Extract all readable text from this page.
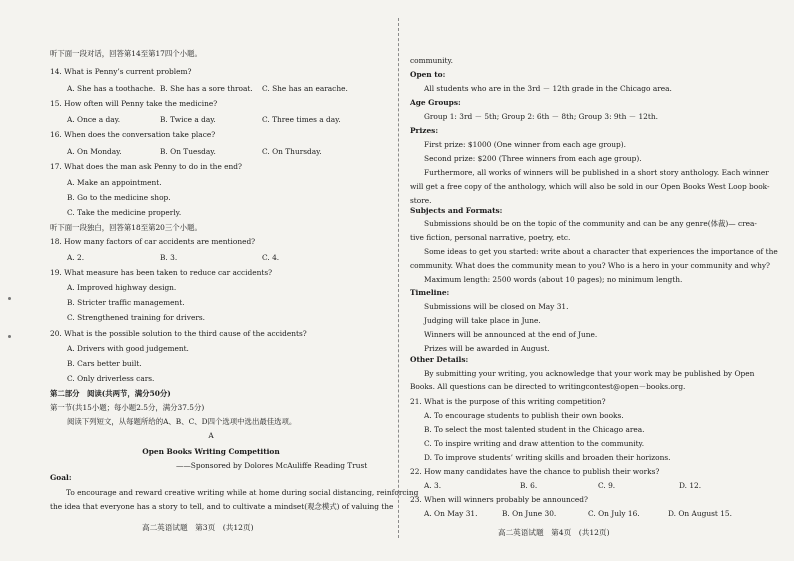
听下面一段对话，回答第14至第17四个小题。
14. What is Penny’s current problem?
A. She has a toothache. B. She has a sore throat. C. She has an earache.
15. How often will Penny take the medicine?
A. Once a day.	B. Twice a day.	C. Three times a day.
16. When does the conversation take place?
A. On Monday.	B. On Tuesday.	C. On Thursday.
17. What does the man ask Penny to do in the end?
A. Make an appointment.
B. Go to the medicine shop.
C. Take the medicine properly.
听下面一段独白，回答第18至第20三个小题。
18. How many factors of car accidents are mentioned?
A. 2.	B. 3.	C. 4.
19. What measure has been taken to reduce car accidents?
A. Improved highway design.
B. Stricter traffic management.
C. Strengthened training for drivers.
20. What is the possible solution to the third cause of the accidents?
A. Drivers with good judgement.
B. Cars better built.
C. Only driverless cars.
第二部分　阅读(共两节，满分50分)
第一节(共15小题；每小题2.5分，满分37.5分)
阅读下列短文，从每题所给的A、B、C、D四个选项中选出最佳选项。
A
Open Books Writing Competition
——Sponsored by Dolores McAuliffe Reading Trust
Goal:
To encourage and reward creative writing while at home during social distancing, reinforcing
the idea that everyone has a story to tell, and to cultivate a mindset(观念模式) of valuing the
高二英语试题　第3页　(共12页)
community.
Open to:
All students who are in the 3rd － 12th grade in the Chicago area.
Age Groups:
Group 1: 3rd － 5th; Group 2: 6th － 8th; Group 3: 9th － 12th.
Prizes:
First prize: $1000 (One winner from each age group).
Second prize: $200 (Three winners from each age group).
Furthermore, all works of winners will be published in a short story anthology. Each winner
will get a free copy of the anthology, which will also be sold in our Open Books West Loop book-
store.
Subjects and Formats:
Submissions should be on the topic of the community and can be any genre(体裁)— crea-
tive fiction, personal narrative, poetry, etc.
Some ideas to get you started: write about a character that experiences the importance of the
community. What does the community mean to you? Who is a hero in your community and why?
Maximum length: 2500 words (about 10 pages); no minimum length.
Timeline:
Submissions will be closed on May 31.
Judging will take place in June.
Winners will be announced at the end of June.
Prizes will be awarded in August.
Other Details:
By submitting your writing, you acknowledge that your work may be published by Open
Books. All questions can be directed to writingcontest@open－books.org.
21. What is the purpose of this writing competition?
A. To encourage students to publish their own books.
B. To select the most talented student in the Chicago area.
C. To inspire writing and draw attention to the community.
D. To improve students’ writing skills and broaden their horizons.
22. How many candidates have the chance to publish their works?
A. 3.	B. 6.	C. 9.	D. 12.
23. When will winners probably be announced?
A. On May 31.	B. On June 30.	C. On July 16.	D. On August 15.
高二英语试题　第4页　(共12页)
